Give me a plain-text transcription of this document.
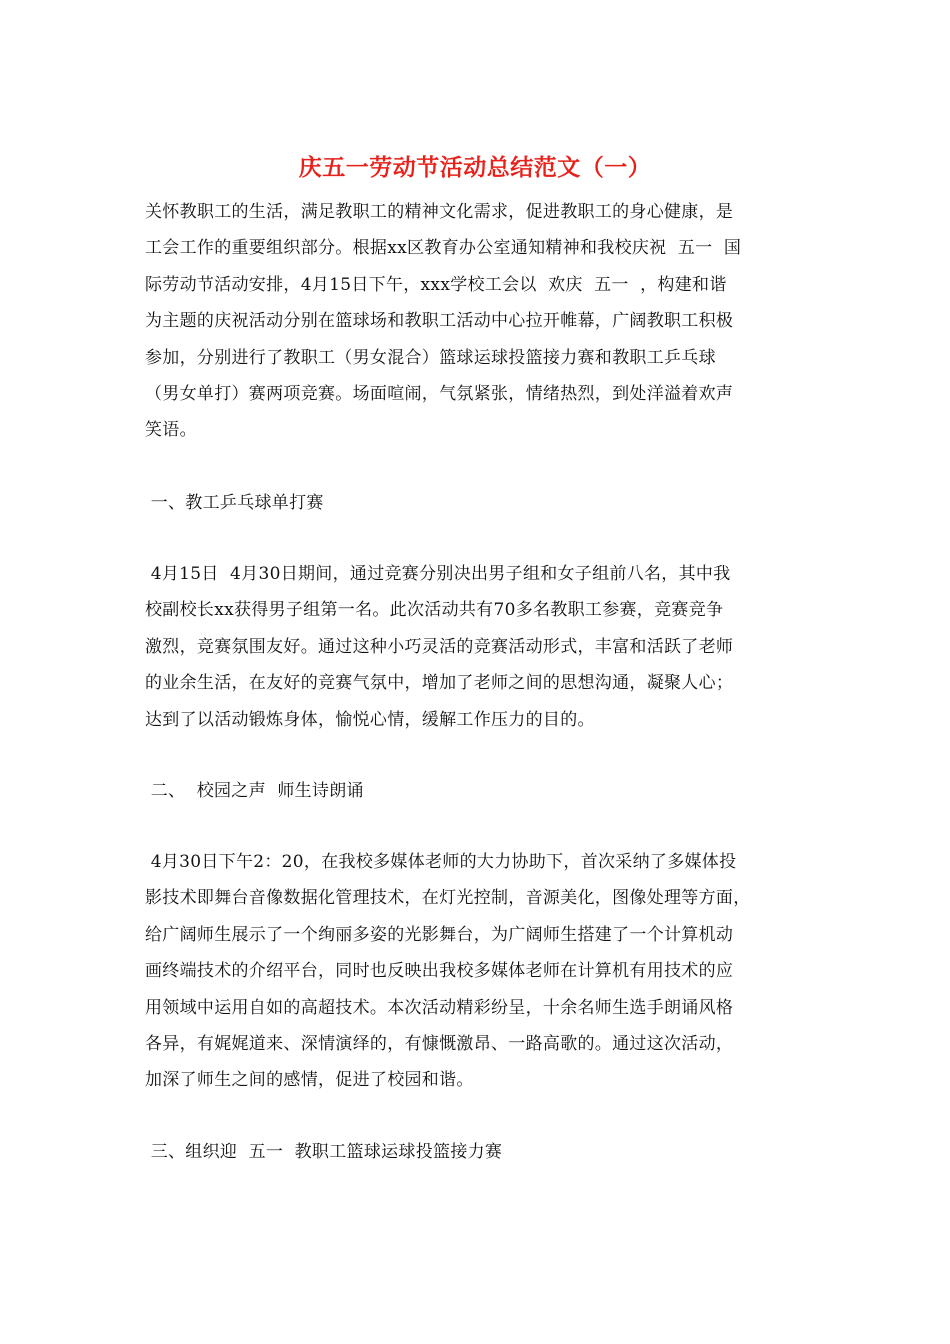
庆五一劳动节活动总结范文（一）
关怀教职工的生活，满足教职工的精神文化需求，促进教职工的身心健康，是
工会工作的重要组织部分。根据xx区教育办公室通知精神和我校庆祝  五一  国
际劳动节活动安排，4月15日下午，xxx学校工会以  欢庆  五一  ，构建和谐
为主题的庆祝活动分别在篮球场和教职工活动中心拉开帷幕，广阔教职工积极
参加，分别进行了教职工（男女混合）篮球运球投篮接力赛和教职工乒乓球
（男女单打）赛两项竞赛。场面喧闹，气氛紧张，情绪热烈，到处洋溢着欢声
笑语。
一、教工乒乓球单打赛
4月15日  4月30日期间，通过竞赛分别决出男子组和女子组前八名，其中我
校副校长xx获得男子组第一名。此次活动共有70多名教职工参赛，竞赛竞争
激烈，竞赛氛围友好。通过这种小巧灵活的竞赛活动形式，丰富和活跃了老师
的业余生活，在友好的竞赛气氛中，增加了老师之间的思想沟通，凝聚人心；
达到了以活动锻炼身体，愉悦心情，缓解工作压力的目的。
二、  校园之声  师生诗朗诵
4月30日下午2：20，在我校多媒体老师的大力协助下，首次采纳了多媒体投
影技术即舞台音像数据化管理技术，在灯光控制，音源美化，图像处理等方面，
给广阔师生展示了一个绚丽多姿的光影舞台，为广阔师生搭建了一个计算机动
画终端技术的介绍平台，同时也反映出我校多媒体老师在计算机有用技术的应
用领域中运用自如的高超技术。本次活动精彩纷呈，十余名师生选手朗诵风格
各异，有娓娓道来、深情演绎的，有慷慨激昂、一路高歌的。通过这次活动，
加深了师生之间的感情，促进了校园和谐。
三、组织迎  五一  教职工篮球运球投篮接力赛
